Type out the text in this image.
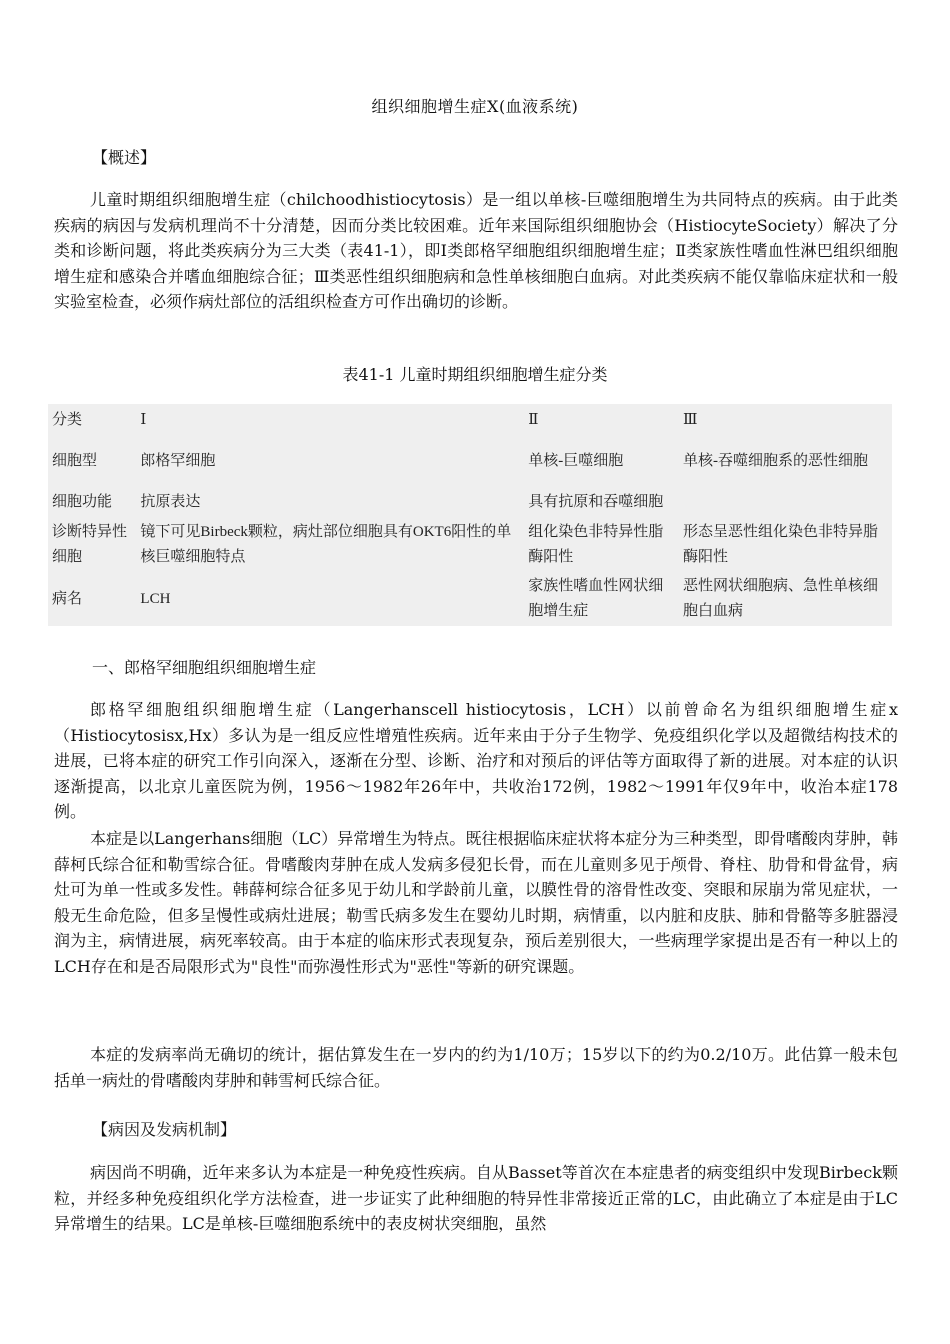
组织细胞增生症X(血液系统)
【概述】

儿童时期组织细胞增生症（chilchoodhistiocytosis）是一组以单核-巨噬细胞增生为共同特点的疾病。由于此类疾病的病因与发病机理尚不十分清楚，因而分类比较困难。近年来国际组织细胞协会（HistiocyteSociety）解决了分类和诊断问题，将此类疾病分为三大类（表41-1），即Ⅰ类郎格罕细胞组织细胞增生症；Ⅱ类家族性嗜血性淋巴组织细胞增生症和感染合并嗜血细胞综合征；Ⅲ类恶性组织细胞病和急性单核细胞白血病。对此类疾病不能仅靠临床症状和一般实验室检查，必须作病灶部位的活组织检查方可作出确切的诊断。

表41-1 儿童时期组织细胞增生症分类
分类	Ⅰ	Ⅱ	Ⅲ
细胞型	郎格罕细胞	单核-巨噬细胞	单核-吞噬细胞系的恶性细胞
细胞功能	抗原表达	具有抗原和吞噬细胞	
诊断特异性细胞	镜下可见Birbeck颗粒，病灶部位细胞具有OKT6阳性的单核巨噬细胞特点	组化染色非特异性脂酶阳性	形态呈恶性组化染色非特异脂酶阳性
病名	LCH	家族性嗜血性网状细胞增生症	恶性网状细胞病、急性单核细胞白血病
一、郎格罕细胞组织细胞增生症

郎格罕细胞组织细胞增生症（Langerhanscell histiocytosis，LCH）以前曾命名为组织细胞增生症x（Histiocytosisx,Hx）多认为是一组反应性增殖性疾病。近年来由于分子生物学、免疫组织化学以及超微结构技术的进展，已将本症的研究工作引向深入，逐渐在分型、诊断、治疗和对预后的评估等方面取得了新的进展。对本症的认识逐渐提高，以北京儿童医院为例，1956～1982年26年中，共收治172例，1982～1991年仅9年中，收治本症178例。

本症是以Langerhans细胞（LC）异常增生为特点。既往根据临床症状将本症分为三种类型，即骨嗜酸肉芽肿，韩薛柯氏综合征和勒雪综合征。骨嗜酸肉芽肿在成人发病多侵犯长骨，而在儿童则多见于颅骨、脊柱、肋骨和骨盆骨，病灶可为单一性或多发性。韩薛柯综合征多见于幼儿和学龄前儿童，以膜性骨的溶骨性改变、突眼和尿崩为常见症状，一般无生命危险，但多呈慢性或病灶进展；勒雪氏病多发生在婴幼儿时期，病情重，以内脏和皮肤、肺和骨骼等多脏器浸润为主，病情进展，病死率较高。由于本症的临床形式表现复杂，预后差别很大，一些病理学家提出是否有一种以上的LCH存在和是否局限形式为"良性"而弥漫性形式为"恶性"等新的研究课题。

本症的发病率尚无确切的统计，据估算发生在一岁内的约为1/10万；15岁以下的约为0.2/10万。此估算一般未包括单一病灶的骨嗜酸肉芽肿和韩雪柯氏综合征。

【病因及发病机制】

病因尚不明确，近年来多认为本症是一种免疫性疾病。自从Basset等首次在本症患者的病变组织中发现Birbeck颗粒，并经多种免疫组织化学方法检查，进一步证实了此种细胞的特异性非常接近正常的LC，由此确立了本症是由于LC异常增生的结果。LC是单核-巨噬细胞系统中的表皮树状突细胞，虽然
